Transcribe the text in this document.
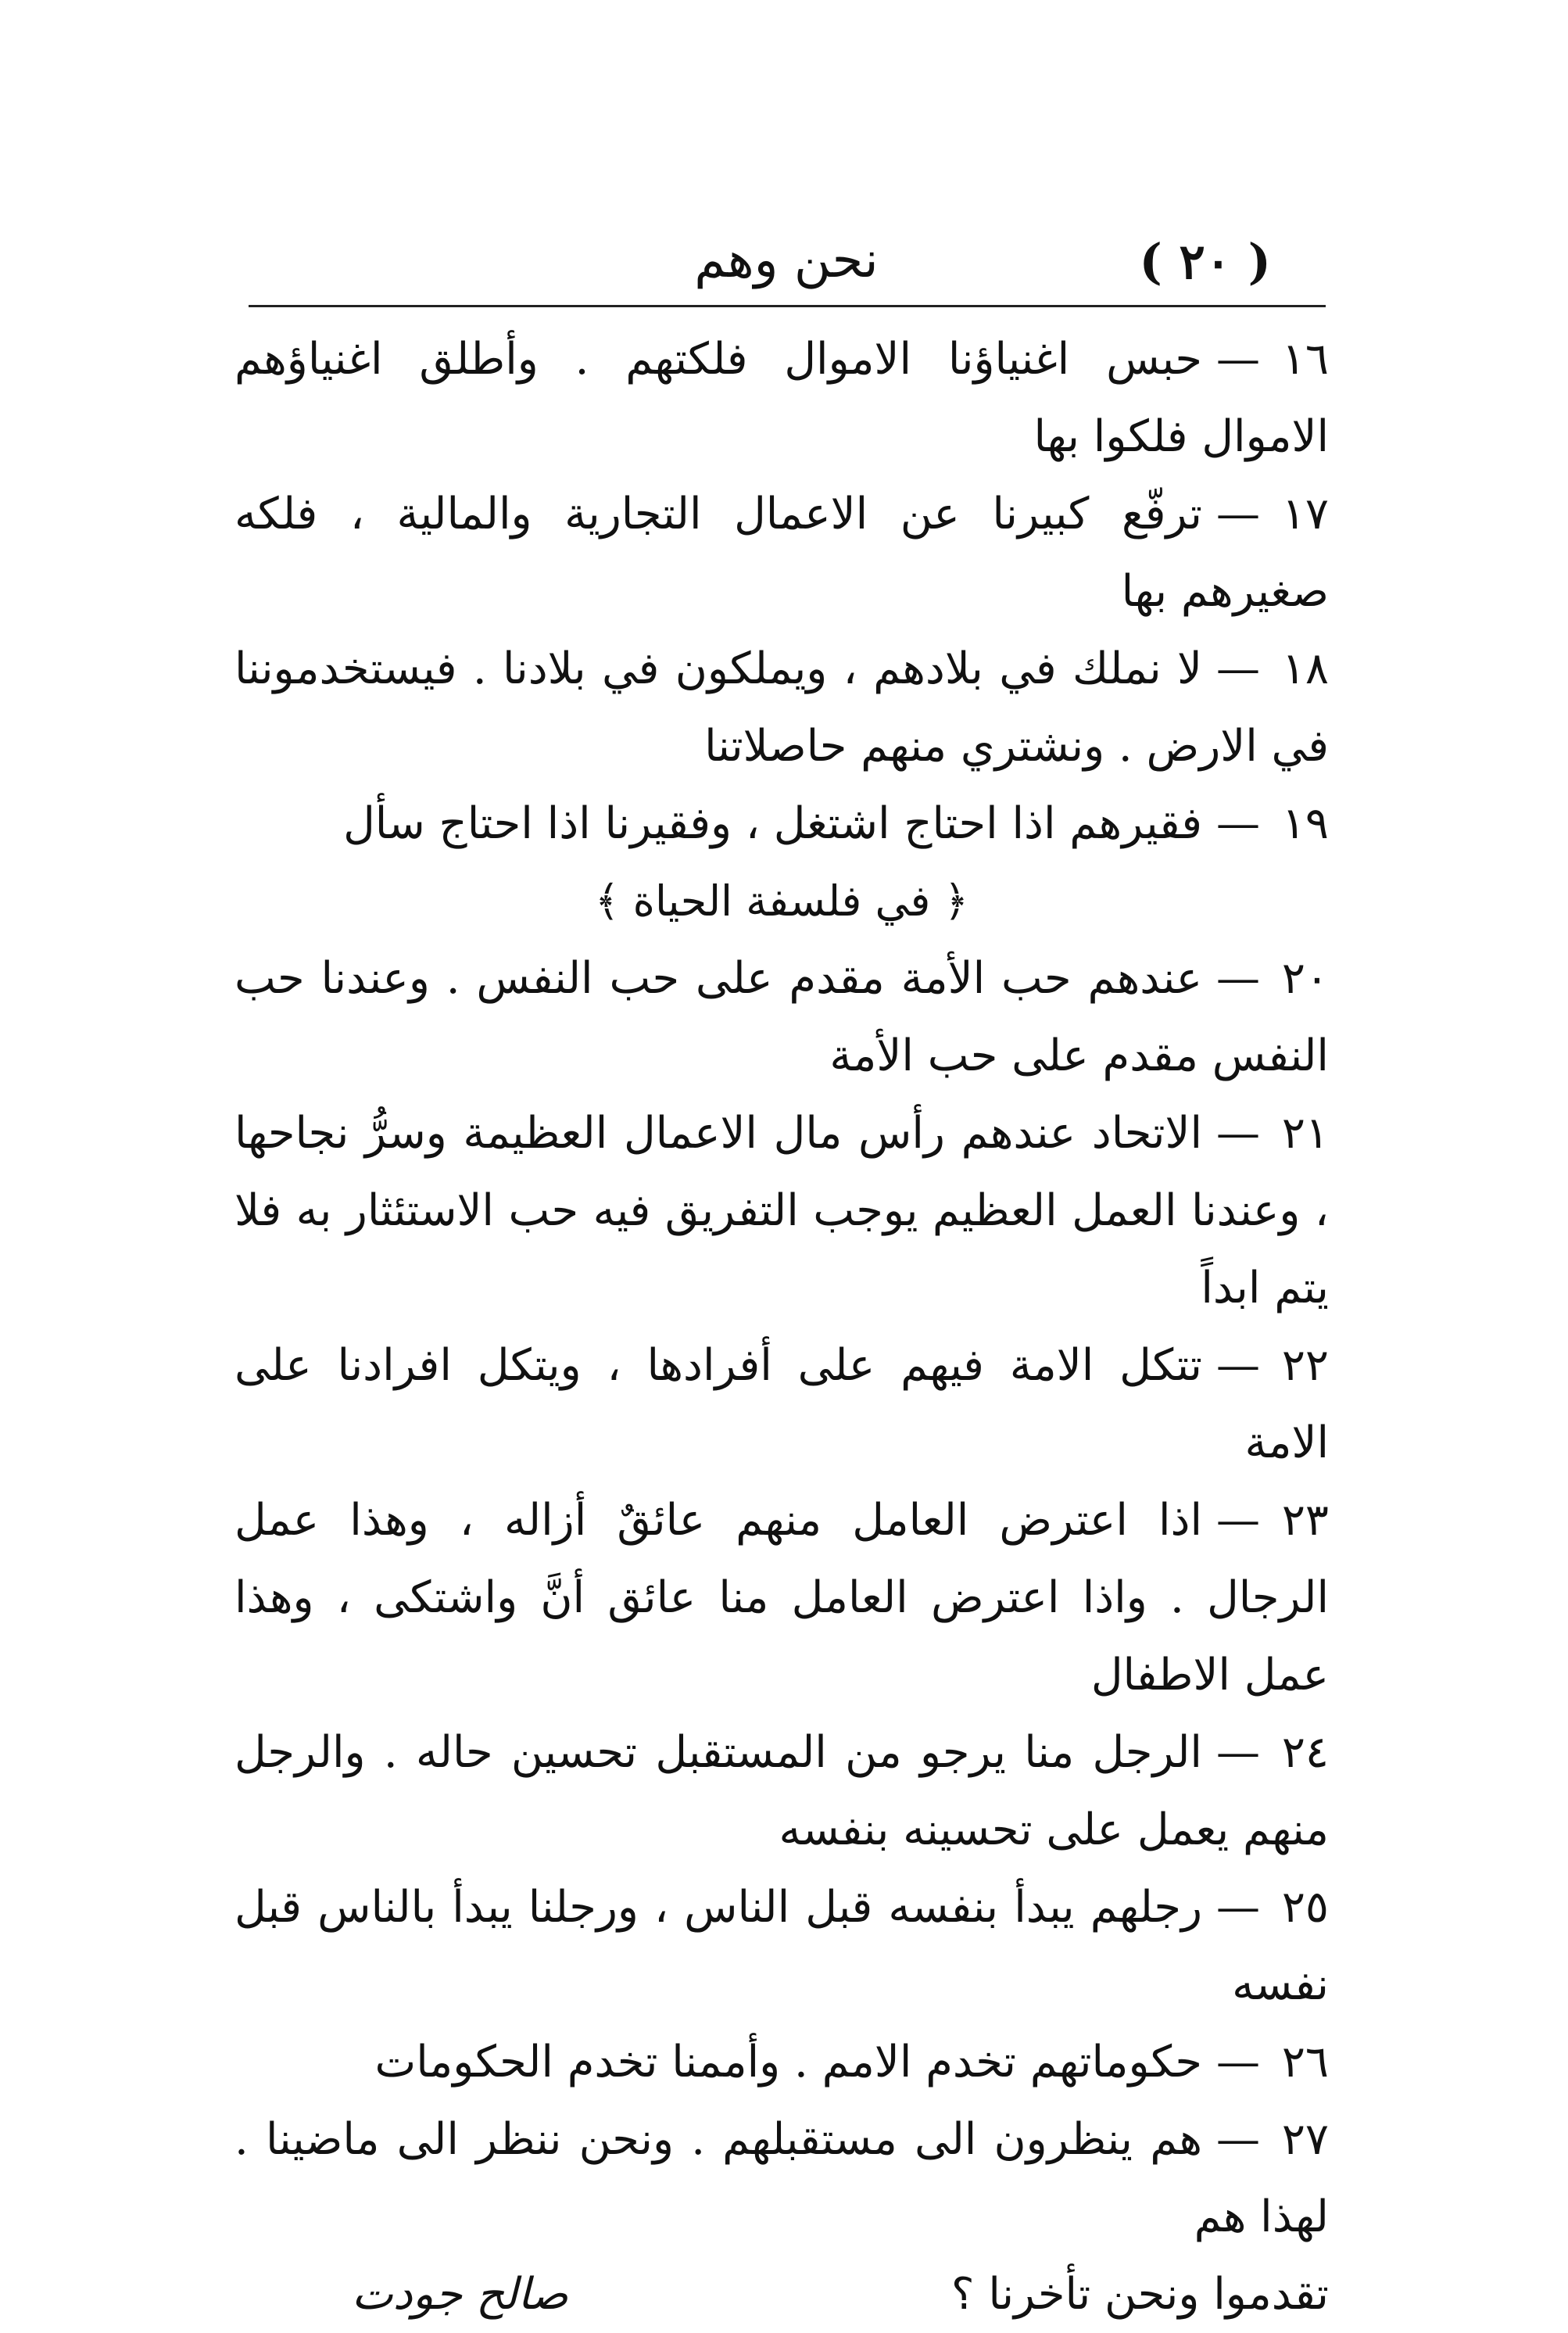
( ٢٠ )
نحن وهم

١٦—حبس اغنياؤنا الاموال فلكتهم . وأطلق اغنياؤهم الاموال فلكوا بها

١٧—ترفّع كبيرنا عن الاعمال التجارية والمالية ، فلكه صغيرهم بها

١٨—لا نملك في بلادهم ، ويملكون في بلادنا . فيستخدموننا في الارض . ونشتري منهم حاصلاتنا

١٩—فقيرهم اذا احتاج اشتغل ، وفقيرنا اذا احتاج سأل

﴿ في فلسفة الحياة ﴾

٢٠—عندهم حب الأمة مقدم على حب النفس . وعندنا حب النفس مقدم على حب الأمة

٢١—الاتحاد عندهم رأس مال الاعمال العظيمة وسرُّ نجاحها ، وعندنا العمل العظيم يوجب التفريق فيه حب الاستئثار به فلا يتم ابداً

٢٢—تتكل الامة فيهم على أفرادها ، ويتكل افرادنا على الامة

٢٣—اذا اعترض العامل منهم عائقٌ أزاله ، وهذا عمل الرجال . واذا اعترض العامل منا عائق أنَّ واشتكى ، وهذا عمل الاطفال

٢٤—الرجل منا يرجو من المستقبل تحسين حاله . والرجل منهم يعمل على تحسينه بنفسه

٢٥—رجلهم يبدأ بنفسه قبل الناس ، ورجلنا يبدأ بالناس قبل نفسه

٢٦—حكوماتهم تخدم الامم . وأممنا تخدم الحكومات

٢٧—هم ينظرون الى مستقبلهم . ونحن ننظر الى ماضينا . لهذا هم

تقدموا ونحن تأخرنا ؟
صالح جودت
